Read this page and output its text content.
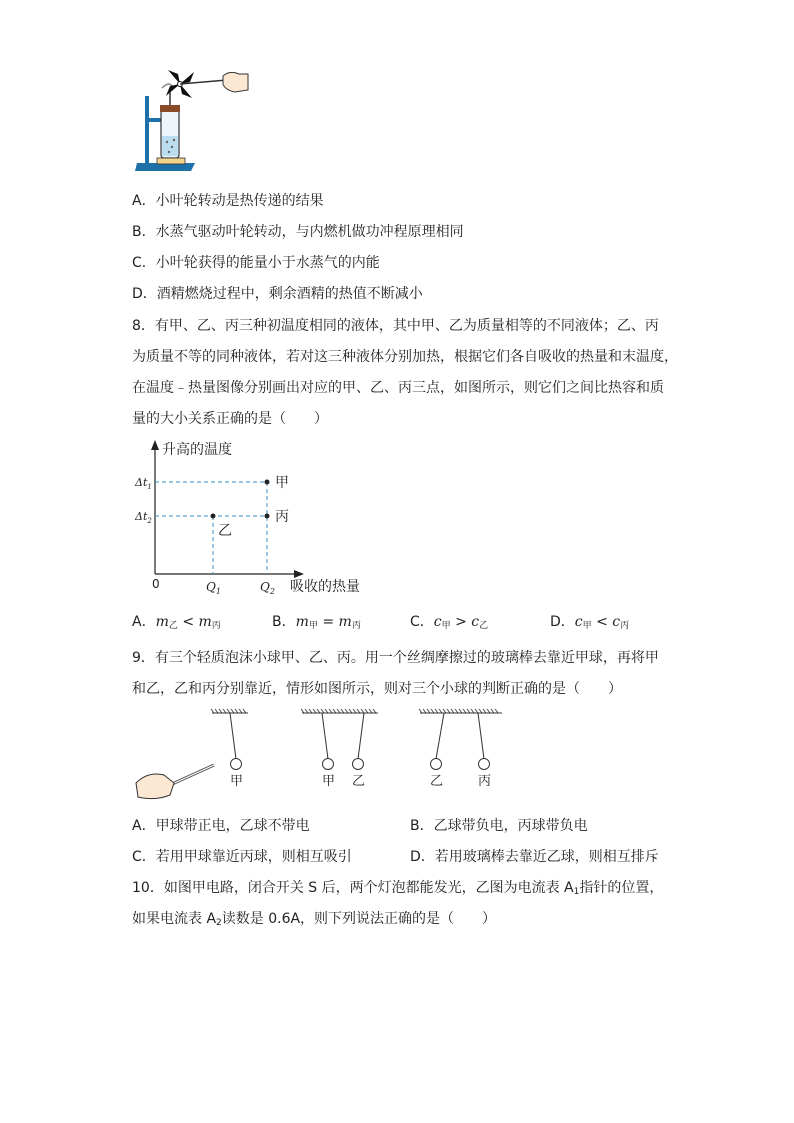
A．小叶轮转动是热传递的结果
B．水蒸气驱动叶轮转动，与内燃机做功冲程原理相同
C．小叶轮获得的能量小于水蒸气的内能
D．酒精燃烧过程中，剩余酒精的热值不断减小
8．有甲、乙、丙三种初温度相同的液体，其中甲、乙为质量相等的不同液体；乙、丙
为质量不等的同种液体，若对这三种液体分别加热，根据它们各自吸收的热量和末温度，
在温度﹣热量图像分别画出对应的甲、乙、丙三点，如图所示，则它们之间比热容和质
量的大小关系正确的是（　　）
升高的温度
吸收的热量
0
甲
丙
乙
$\Delta t_1$
$\Delta t_2$
$Q_1$	$Q_2$
A．$m_乙 < m_丙$	B．$m_甲 = m_丙$	C．$c_甲 > c_乙$	D．$c_甲 < c_丙$
9．有三个轻质泡沫小球甲、乙、丙。用一个丝绸摩擦过的玻璃棒去靠近甲球，再将甲
和乙，乙和丙分别靠近，情形如图所示，则对三个小球的判断正确的是（　　）
甲	甲 乙	乙	丙
A．甲球带正电，乙球不带电	B．乙球带负电，丙球带负电
C．若用甲球靠近丙球，则相互吸引	D．若用玻璃棒去靠近乙球，则相互排斥
10．如图甲电路，闭合开关 S 后，两个灯泡都能发光，乙图为电流表 $A_1$指针的位置，
如果电流表 $A_2$读数是 0.6A，则下列说法正确的是（　　）
